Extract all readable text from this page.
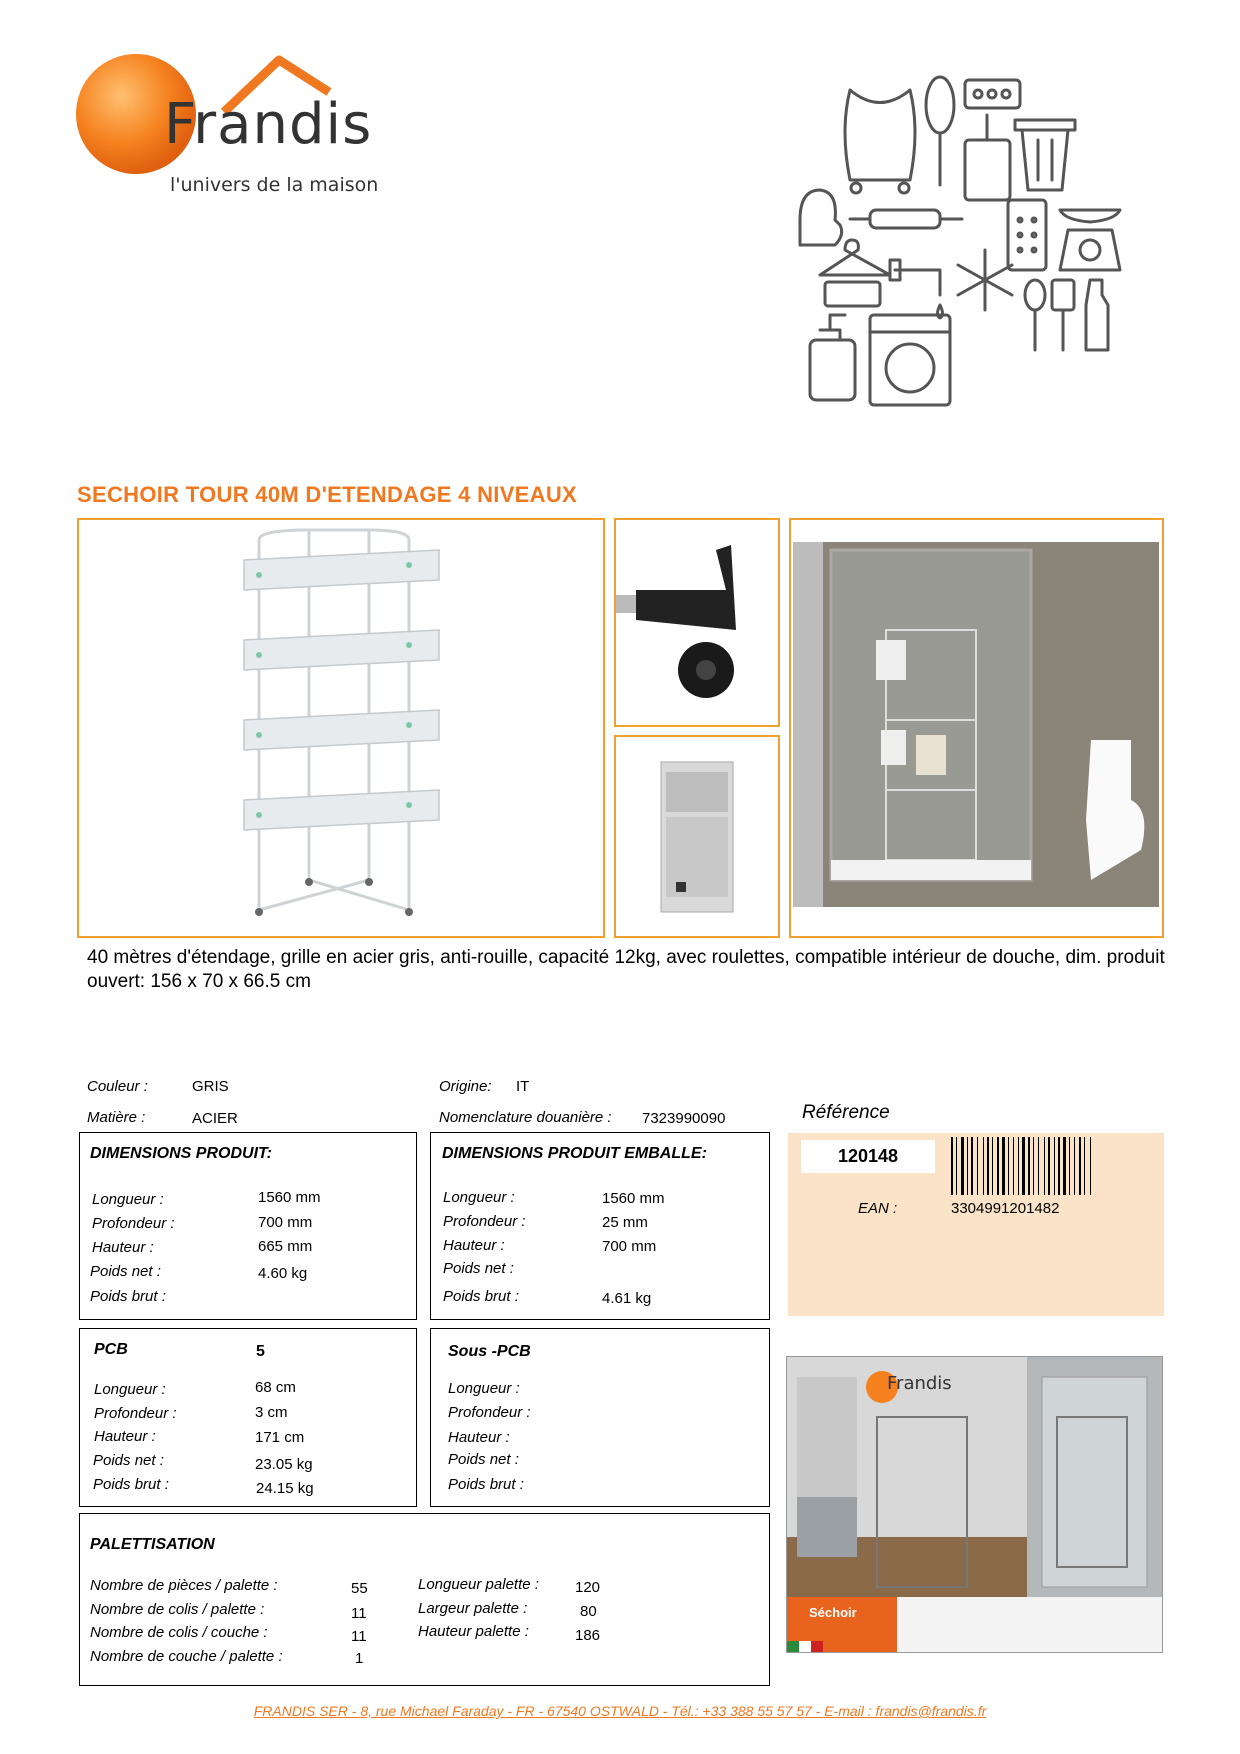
Frandis
l'univers de la maison
SECHOIR TOUR 40M D'ETENDAGE 4 NIVEAUX
40 mètres d'étendage, grille en acier gris, anti-rouille, capacité 12kg, avec roulettes, compatible intérieur de douche, dim. produit ouvert: 156 x 70 x 66.5 cm
Couleur :	GRIS
Matière :	ACIER
Origine: IT
Nomenclature douanière : 7323990090	Référence
120148
EAN :	3304991201482
DIMENSIONS PRODUIT:
Longueur :	1560 mm
Profondeur :	700 mm
Hauteur :	665 mm
Poids net :	4.60 kg
Poids brut :
DIMENSIONS PRODUIT EMBALLE:
Longueur :	1560 mm
Profondeur :	25 mm
Hauteur :	700 mm
Poids net :
Poids brut :	4.61 kg
PCB	5
Longueur :	68 cm
Profondeur :	3 cm
Hauteur :	171 cm
Poids net :	23.05 kg
Poids brut :	24.15 kg
Sous -PCB
Longueur :
Profondeur :
Hauteur :
Poids net :
Poids brut :
PALETTISATION
Nombre de pièces / palette :	55
Nombre de colis / palette :	11
Nombre de colis / couche :	11
Nombre de couche / palette :	1
Longueur palette : 120
Largeur palette :	80
Hauteur palette :	186
Frandis
Séchoir
FRANDIS SER - 8, rue Michael Faraday - FR - 67540 OSTWALD - Tél.: +33 388 55 57 57 - E-mail : frandis@frandis.fr
